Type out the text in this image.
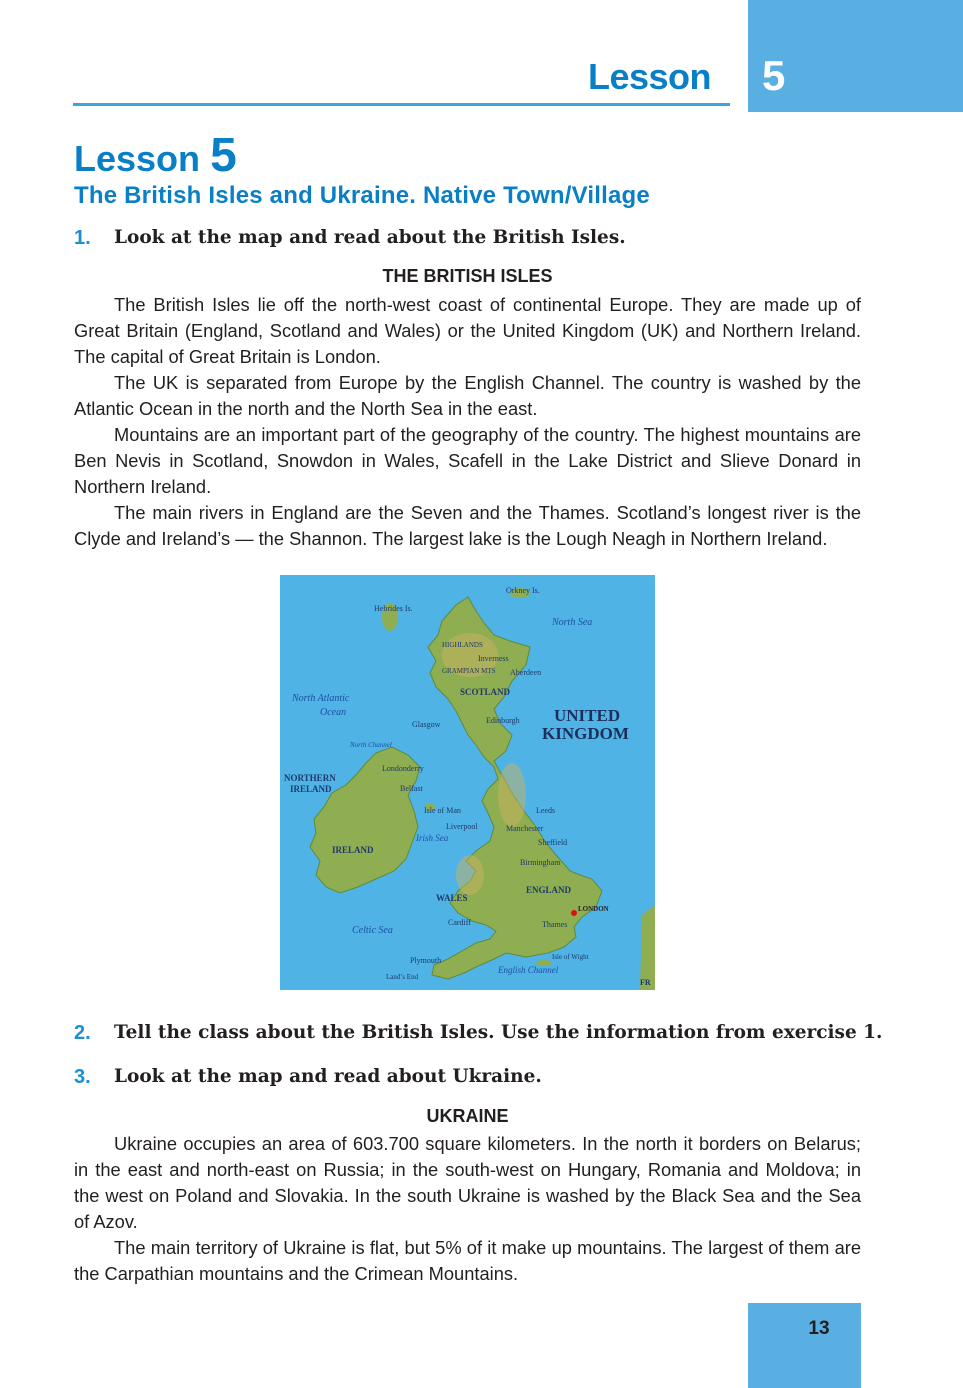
Lesson 5
Lesson 5
The British Isles and Ukraine. Native Town/Village
1. Look at the map and read about the British Isles.
THE BRITISH ISLES

The British Isles lie off the north-west coast of continental Europe. They are made up of Great Britain (England, Scotland and Wales) or the United Kingdom (UK) and Northern Ireland. The capital of Great Britain is London.

The UK is separated from Europe by the English Channel. The country is washed by the Atlantic Ocean in the north and the North Sea in the east.

Mountains are an important part of the geography of the country. The highest mountains are Ben Nevis in Scotland, Snowdon in Wales, Scafell in the Lake District and Slieve Donard in Northern Ireland.

The main rivers in England are the Seven and the Thames. Scotland’s longest river is the Clyde and Ireland’s — the Shannon. The largest lake is the Lough Neagh in Northern Ireland.

Orkney Is.
Hebrides Is.
HIGHLANDS
GRAMPIAN MTS
Inverness
Aberdeen
SCOTLAND
Glasgow	Edinburgh
Londonderry
Belfast
Isle of Man	Leeds
Liverpool	Manchester
Sheffield
Birmingham
ENGLAND
WALES
LONDON
Cardiff	Thames
Plymouth	Isle of Wight
Land’s End
FR
IRELAND
NORTHERN
IRELAND
North Sea
North Atlantic
Ocean
North Channel
Irish Sea
Celtic Sea
English Channel
UNITED
KINGDOM
2. Tell the class about the British Isles. Use the information from exercise 1.
3. Look at the map and read about Ukraine.
UKRAINE

Ukraine occupies an area of 603.700 square kilometers. In the north it borders on Belarus; in the east and north-east on Russia; in the south-west on Hungary, Romania and Moldova; in the west on Poland and Slovakia. In the south Ukraine is washed by the Black Sea and the Sea of Azov.

The main territory of Ukraine is flat, but 5% of it make up mountains. The largest of them are the Carpathian mountains and the Crimean Mountains.

13
